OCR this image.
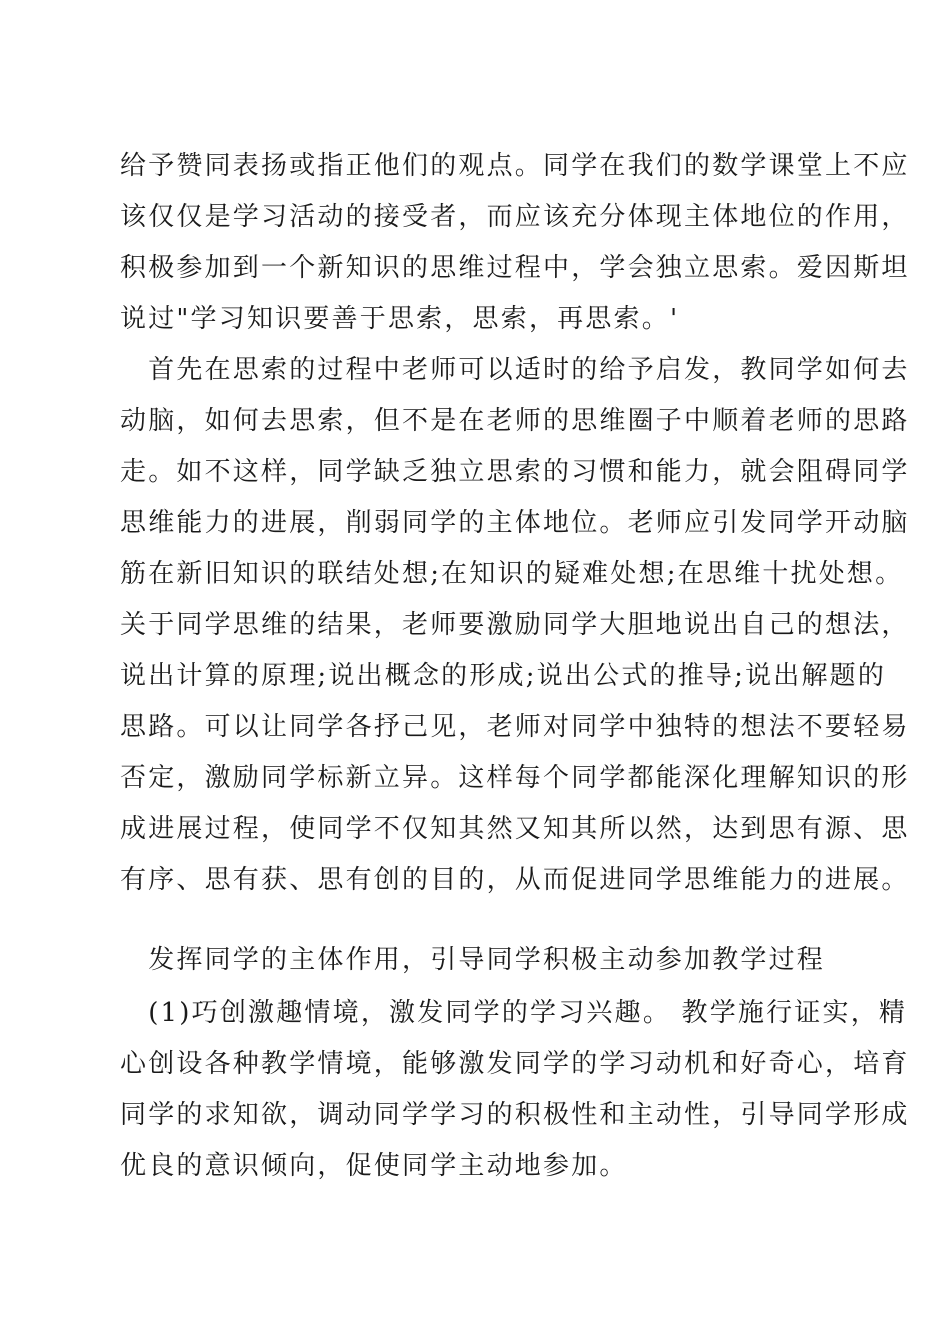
给予赞同表扬或指正他们的观点。同学在我们的数学课堂上不应
该仅仅是学习活动的接受者，而应该充分体现主体地位的作用，
积极参加到一个新知识的思维过程中，学会独立思索。爱因斯坦
说过"学习知识要善于思索，思索，再思索。'
　首先在思索的过程中老师可以适时的给予启发，教同学如何去
动脑，如何去思索，但不是在老师的思维圈子中顺着老师的思路
走。如不这样，同学缺乏独立思索的习惯和能力，就会阻碍同学
思维能力的进展，削弱同学的主体地位。老师应引发同学开动脑
筋在新旧知识的联结处想;在知识的疑难处想;在思维十扰处想。
关于同学思维的结果，老师要激励同学大胆地说出自己的想法，
说出计算的原理;说出概念的形成;说出公式的推导;说出解题的
思路。可以让同学各抒己见，老师对同学中独特的想法不要轻易
否定，激励同学标新立异。这样每个同学都能深化理解知识的形
成进展过程，使同学不仅知其然又知其所以然，达到思有源、思
有序、思有获、思有创的目的，从而促进同学思维能力的进展。
　发挥同学的主体作用，引导同学积极主动参加教学过程
　(1)巧创激趣情境，激发同学的学习兴趣。 教学施行证实，精
心创设各种教学情境，能够激发同学的学习动机和好奇心，培育
同学的求知欲，调动同学学习的积极性和主动性，引导同学形成
优良的意识倾向，促使同学主动地参加。
